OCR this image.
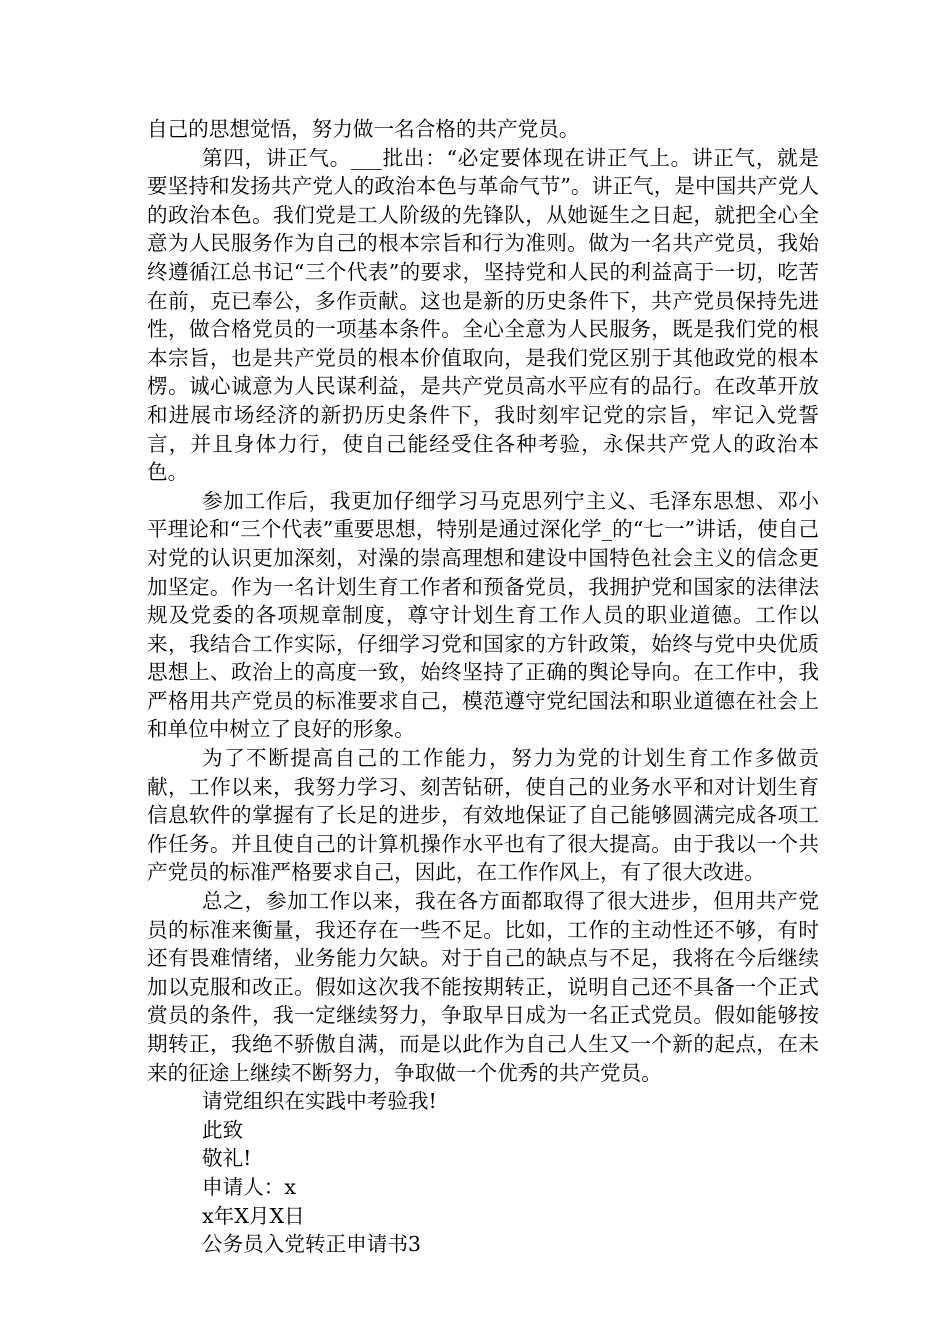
自己的思想觉悟，努力做一名合格的共产党员。

第四，讲正气。___批出：“必定要体现在讲正气上。讲正气，就是要坚持和发扬共产党人的政治本色与革命气节”。讲正气，是中国共产党人的政治本色。我们党是工人阶级的先锋队，从她诞生之日起，就把全心全意为人民服务作为自己的根本宗旨和行为准则。做为一名共产党员，我始终遵循江总书记“三个代表”的要求，坚持党和人民的利益高于一切，吃苦在前，克已奉公，多作贡献。这也是新的历史条件下，共产党员保持先进性，做合格党员的一项基本条件。全心全意为人民服务，既是我们党的根本宗旨，也是共产党员的根本价值取向，是我们党区别于其他政党的根本楞。诚心诚意为人民谋利益，是共产党员高水平应有的品行。在改革开放和进展市场经济的新扔历史条件下，我时刻牢记党的宗旨，牢记入党誓言，并且身体力行，使自己能经受住各种考验，永保共产党人的政治本色。

参加工作后，我更加仔细学习马克思列宁主义、毛泽东思想、邓小平理论和“三个代表”重要思想，特别是通过深化学_的“七一”讲话，使自己对党的认识更加深刻，对澡的崇高理想和建设中国特色社会主义的信念更加坚定。作为一名计划生育工作者和预备党员，我拥护党和国家的法律法规及党委的各项规章制度，尊守计划生育工作人员的职业道德。工作以来，我结合工作实际，仔细学习党和国家的方针政策，始终与党中央优质思想上、政治上的高度一致，始终坚持了正确的舆论导向。在工作中，我严格用共产党员的标准要求自己，模范遵守党纪国法和职业道德在社会上和单位中树立了良好的形象。

为了不断提高自己的工作能力，努力为党的计划生育工作多做贡献，工作以来，我努力学习、刻苦钻研，使自己的业务水平和对计划生育信息软件的掌握有了长足的进步，有效地保证了自己能够圆满完成各项工作任务。并且使自己的计算机操作水平也有了很大提高。由于我以一个共产党员的标准严格要求自己，因此，在工作作风上，有了很大改进。

总之，参加工作以来，我在各方面都取得了很大进步，但用共产党员的标准来衡量，我还存在一些不足。比如，工作的主动性还不够，有时还有畏难情绪，业务能力欠缺。对于自己的缺点与不足，我将在今后继续加以克服和改正。假如这次我不能按期转正，说明自己还不具备一个正式赏员的条件，我一定继续努力，争取早日成为一名正式党员。假如能够按期转正，我绝不骄傲自满，而是以此作为自己人生又一个新的起点，在未来的征途上继续不断努力，争取做一个优秀的共产党员。

请党组织在实践中考验我!

此致

敬礼!

申请人：x

x年X月X日

公务员入党转正申请书3
